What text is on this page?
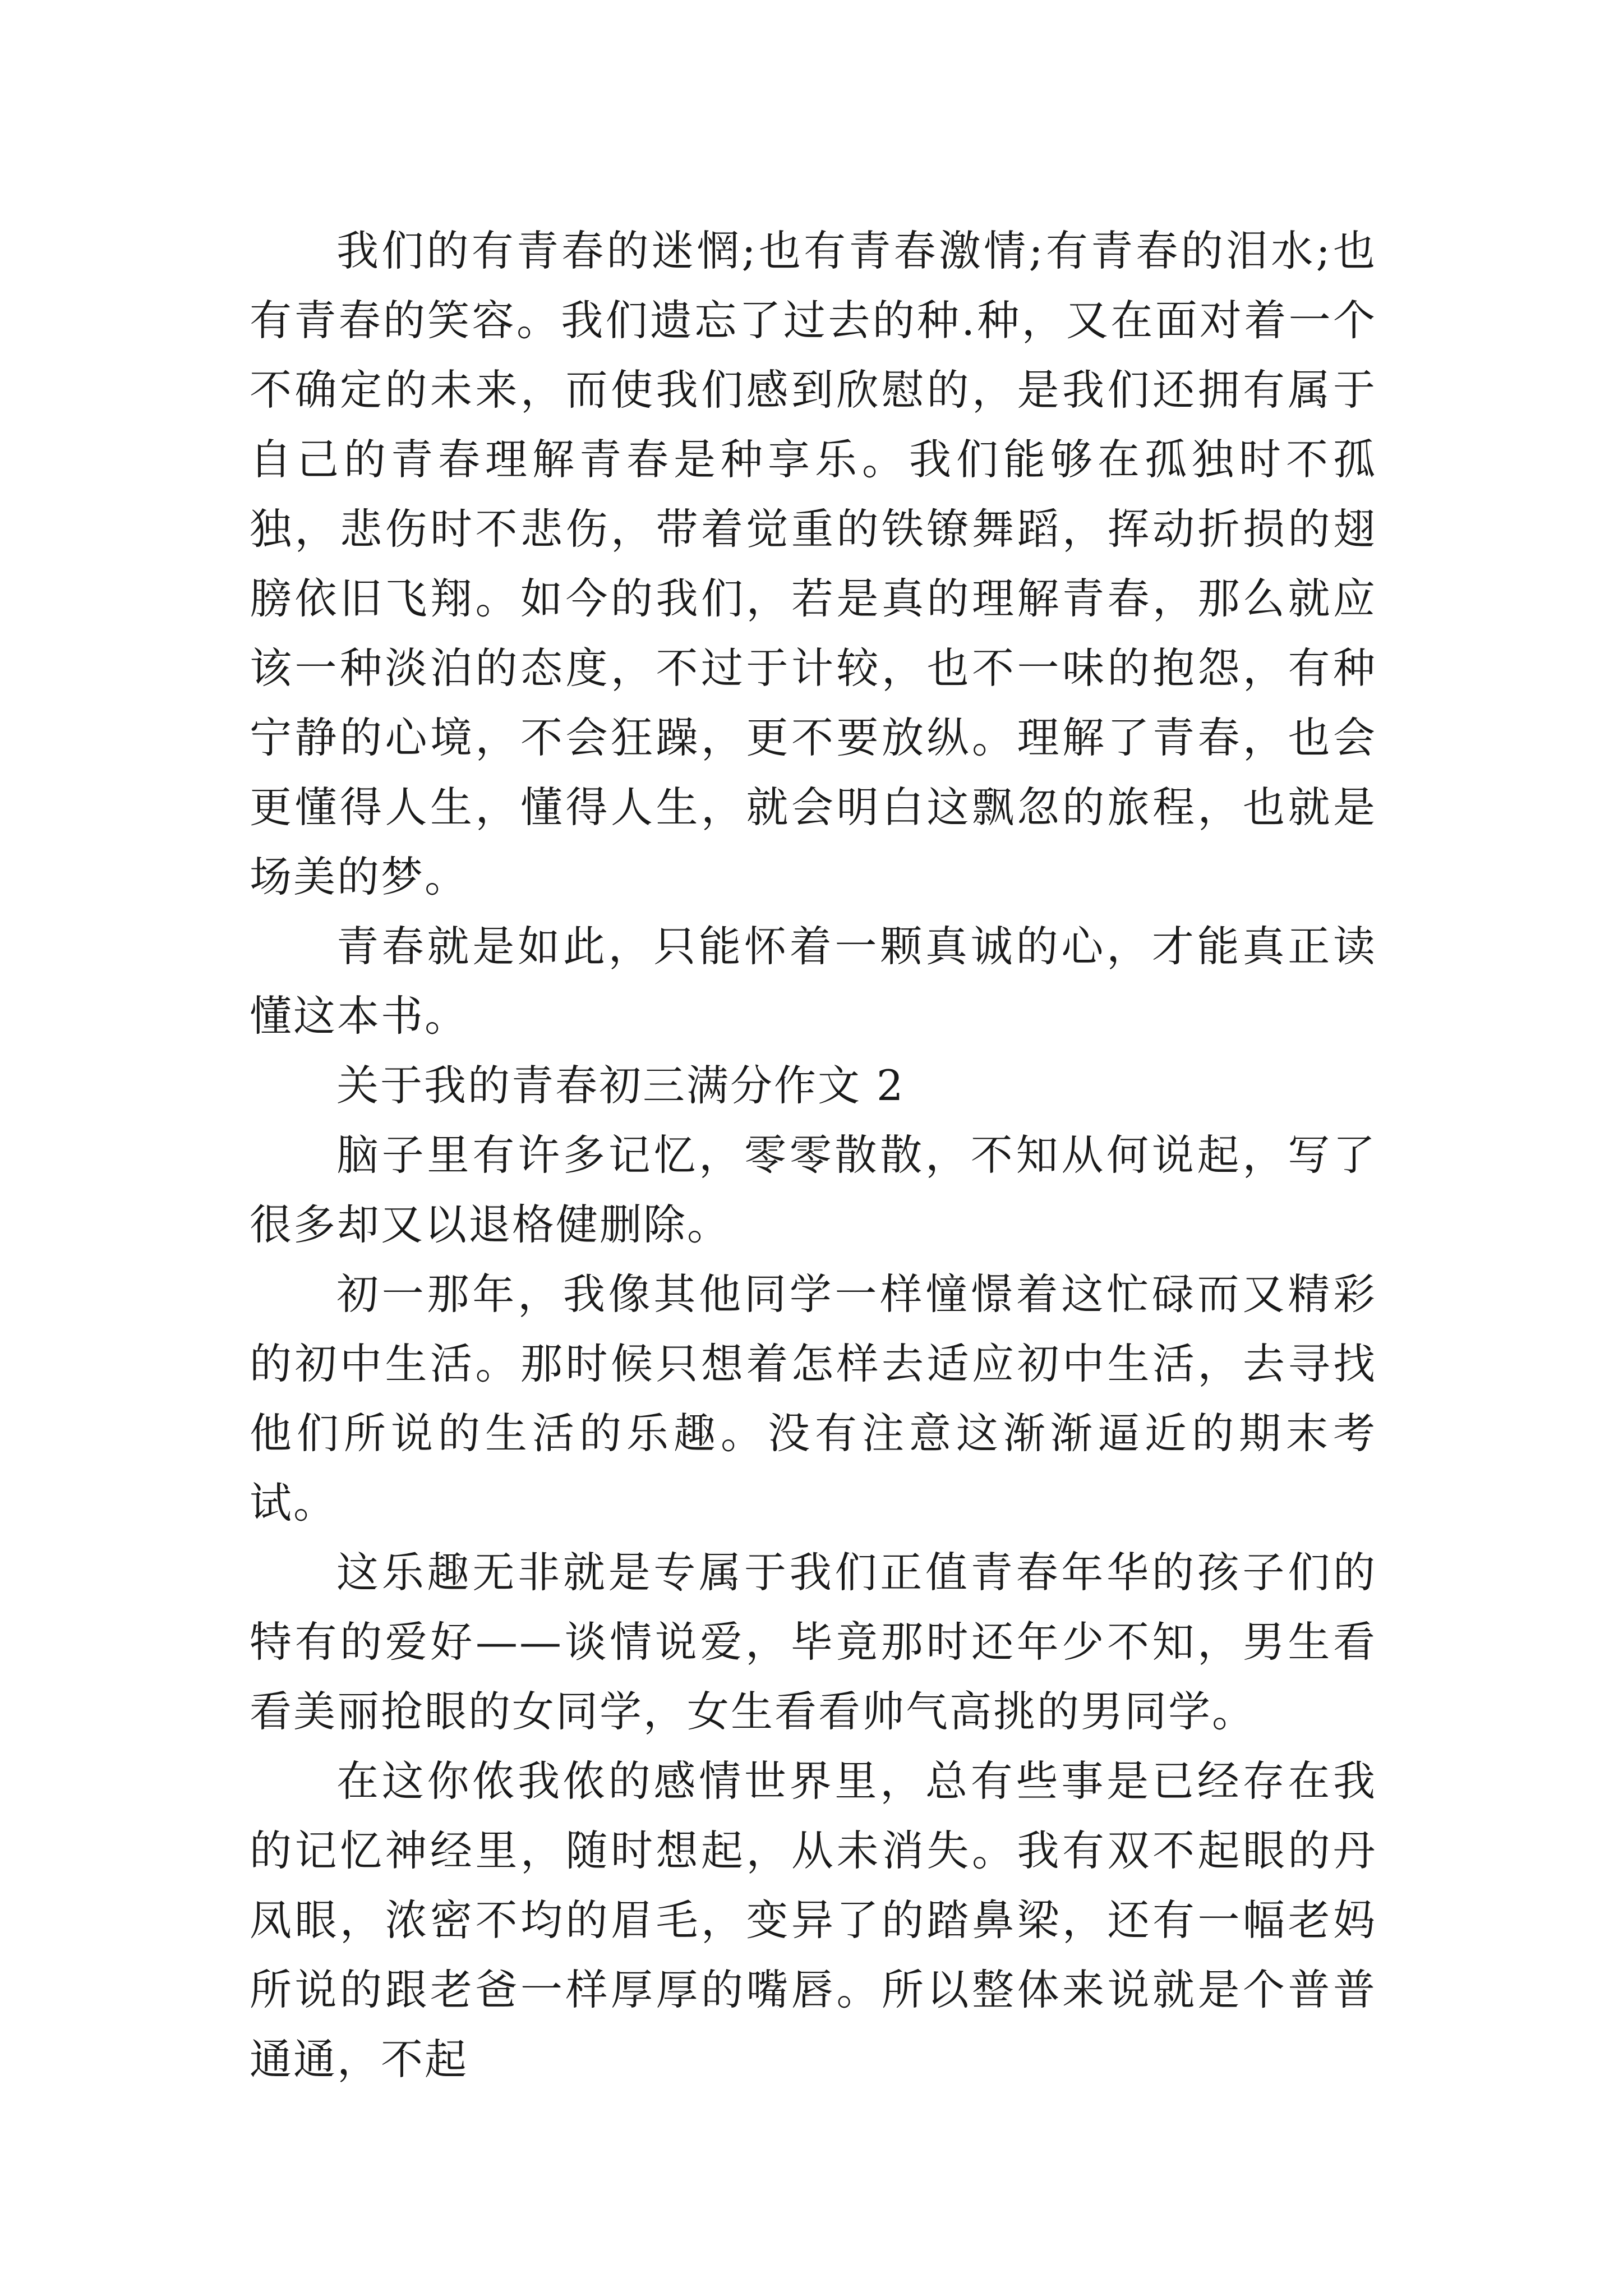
我们的有青春的迷惘;也有青春激情;有青春的泪水;也有青春的笑容。我们遗忘了过去的种.种，又在面对着一个不确定的未来，而使我们感到欣慰的，是我们还拥有属于自己的青春理解青春是种享乐。我们能够在孤独时不孤独，悲伤时不悲伤，带着觉重的铁镣舞蹈，挥动折损的翅膀依旧飞翔。如今的我们，若是真的理解青春，那么就应该一种淡泊的态度，不过于计较，也不一味的抱怨，有种宁静的心境，不会狂躁，更不要放纵。理解了青春，也会更懂得人生，懂得人生，就会明白这飘忽的旅程，也就是场美的梦。

青春就是如此，只能怀着一颗真诚的心，才能真正读懂这本书。

关于我的青春初三满分作文 2

脑子里有许多记忆，零零散散，不知从何说起，写了很多却又以退格健删除。

初一那年，我像其他同学一样憧憬着这忙碌而又精彩的初中生活。那时候只想着怎样去适应初中生活，去寻找他们所说的生活的乐趣。没有注意这渐渐逼近的期末考试。

这乐趣无非就是专属于我们正值青春年华的孩子们的特有的爱好——谈情说爱，毕竟那时还年少不知，男生看看美丽抢眼的女同学，女生看看帅气高挑的男同学。

在这你侬我侬的感情世界里，总有些事是已经存在我的记忆神经里，随时想起，从未消失。我有双不起眼的丹凤眼，浓密不均的眉毛，变异了的踏鼻梁，还有一幅老妈所说的跟老爸一样厚厚的嘴唇。所以整体来说就是个普普通通，不起
